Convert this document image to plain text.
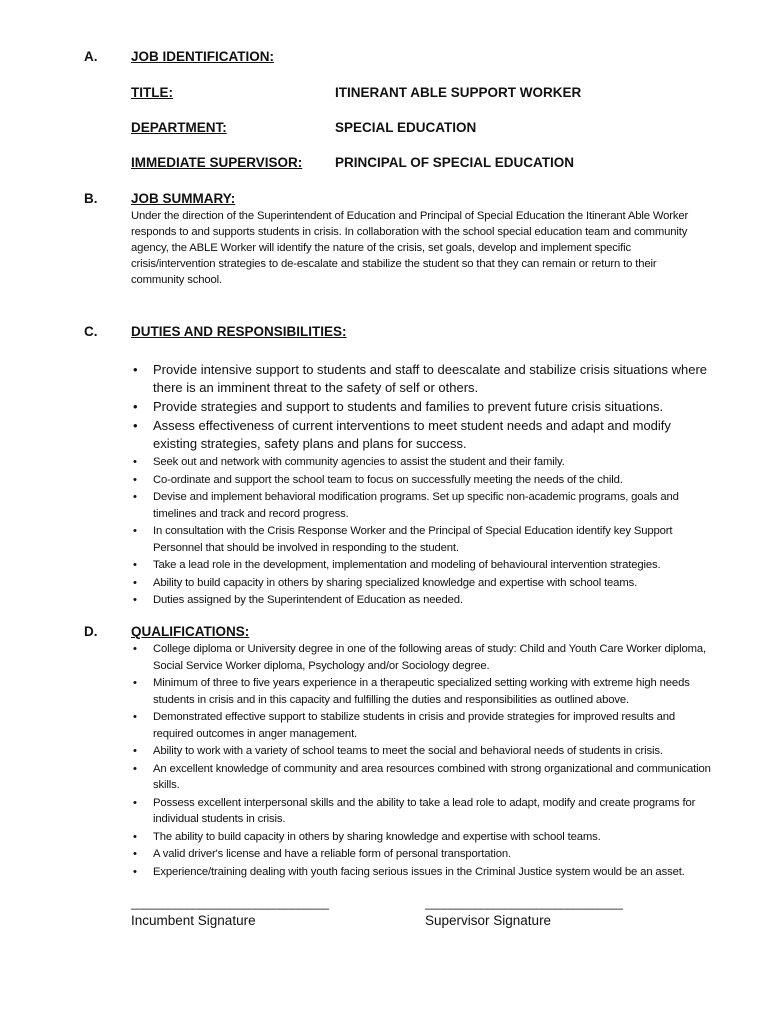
A. JOB IDENTIFICATION:
TITLE:	ITINERANT ABLE SUPPORT WORKER
DEPARTMENT:	SPECIAL EDUCATION
IMMEDIATE SUPERVISOR: PRINCIPAL OF SPECIAL EDUCATION
B. JOB SUMMARY:

Under the direction of the Superintendent of Education and Principal of Special Education the Itinerant Able Worker responds to and supports students in crisis. In collaboration with the school special education team and community agency, the ABLE Worker will identify the nature of the crisis, set goals, develop and implement specific crisis/intervention strategies to de-escalate and stabilize the student so that they can remain or return to their community school.

C. DUTIES AND RESPONSIBILITIES:
• Provide intensive support to students and staff to deescalate and stabilize crisis situations where there is an imminent threat to the safety of self or others.
• Provide strategies and support to students and families to prevent future crisis situations.
• Assess effectiveness of current interventions to meet student needs and adapt and modify existing strategies, safety plans and plans for success.
• Seek out and network with community agencies to assist the student and their family.
• Co-ordinate and support the school team to focus on successfully meeting the needs of the child.
• Devise and implement behavioral modification programs. Set up specific non-academic programs, goals and timelines and track and record progress.
• In consultation with the Crisis Response Worker and the Principal of Special Education identify key Support Personnel that should be involved in responding to the student.
• Take a lead role in the development, implementation and modeling of behavioural intervention strategies.
• Ability to build capacity in others by sharing specialized knowledge and expertise with school teams.
• Duties assigned by the Superintendent of Education as needed.
D. QUALIFICATIONS:
• College diploma or University degree in one of the following areas of study: Child and Youth Care Worker diploma, Social Service Worker diploma, Psychology and/or Sociology degree.
• Minimum of three to five years experience in a therapeutic specialized setting working with extreme high needs students in crisis and in this capacity and fulfilling the duties and responsibilities as outlined above.
• Demonstrated effective support to stabilize students in crisis and provide strategies for improved results and required outcomes in anger management.
• Ability to work with a variety of school teams to meet the social and behavioral needs of students in crisis.
• An excellent knowledge of community and area resources combined with strong organizational and communication skills.
• Possess excellent interpersonal skills and the ability to take a lead role to adapt, modify and create programs for individual students in crisis.
• The ability to build capacity in others by sharing knowledge and expertise with school teams.
• A valid driver's license and have a reliable form of personal transportation.
• Experience/training dealing with youth facing serious issues in the Criminal Justice system would be an asset.
________________________________
Incumbent Signature
________________________________
Supervisor Signature
